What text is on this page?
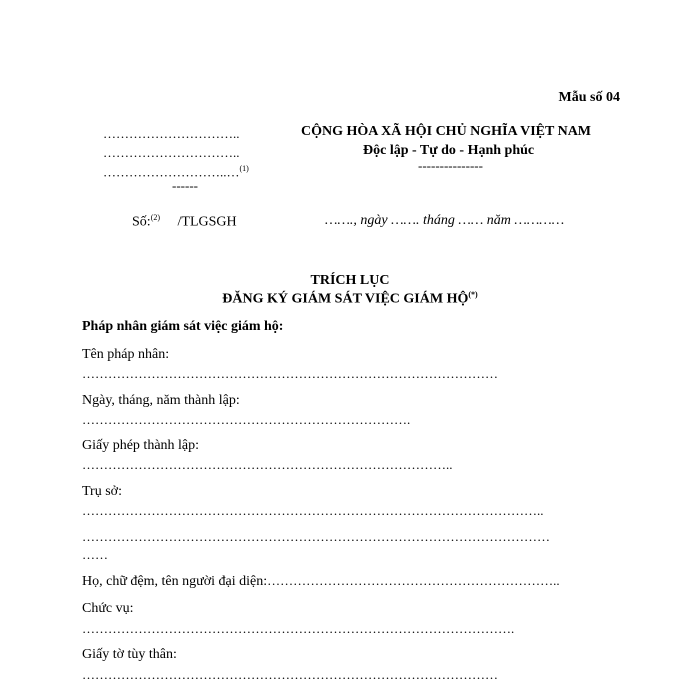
Mẫu số 04
…………………………..
…………………………..
………………………..…$^{(1)}$
------
CỘNG HÒA XÃ HỘI CHỦ NGHĨA VIỆT NAM
Độc lập - Tự do - Hạnh phúc
---------------
Số:$^{(2)}$ /TLGSGH	……., ngày ……. tháng …… năm …………
TRÍCH LỤC
ĐĂNG KÝ GIÁM SÁT VIỆC GIÁM HỘ(*)
Pháp nhân giám sát việc giám hộ:
Tên pháp nhân:
……………………………………………………………………………………
Ngày, tháng, năm thành lập:
………………………………………………………………….
Giấy phép thành lập:
…………………………………………………………………………..
Trụ sở:
……………………………………………………………………………………………..
………………………………………………………………………………………………
……
Họ, chữ đệm, tên người đại diện:…………………………………………………………..
Chức vụ:
……………………………………………………………………………………….
Giấy tờ tùy thân:
……………………………………………………………………………………
